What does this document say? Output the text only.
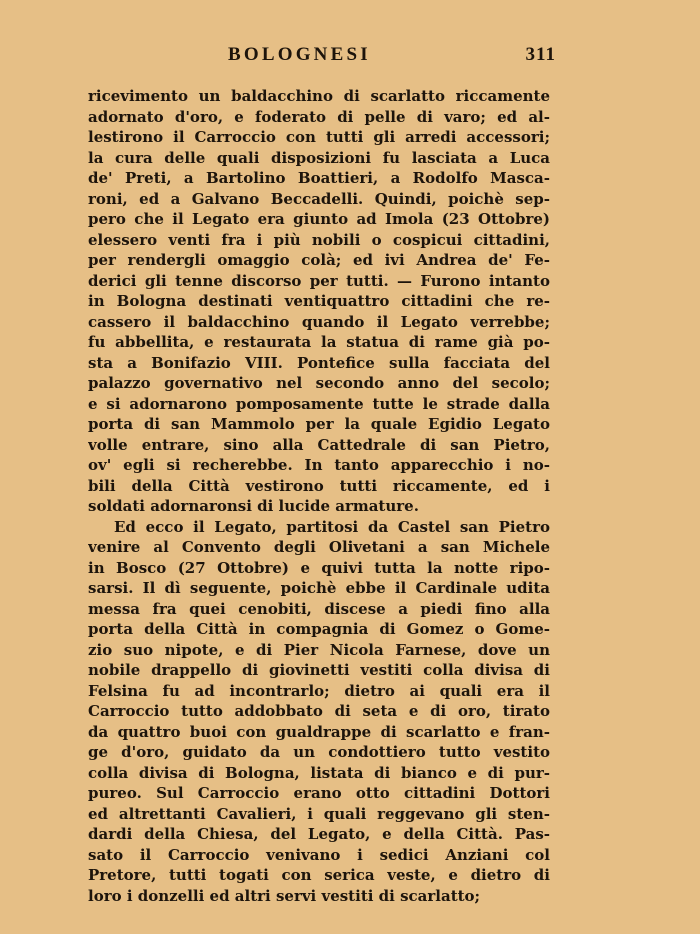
BOLOGNESI	311
ricevimento un baldacchino di scarlatto riccamente
adornato d'oro, e foderato di pelle di varo; ed al-
lestirono il Carroccio con tutti gli arredi accessori;
la cura delle quali disposizioni fu lasciata a Luca
de' Preti, a Bartolino Boattieri, a Rodolfo Masca-
roni, ed a Galvano Beccadelli. Quindi, poichè sep-
pero che il Legato era giunto ad Imola (23 Ottobre)
elessero venti fra i più nobili o cospicui cittadini,
per rendergli omaggio colà; ed ivi Andrea de' Fe-
derici gli tenne discorso per tutti. — Furono intanto
in Bologna destinati ventiquattro cittadini che re-
cassero il baldacchino quando il Legato verrebbe;
fu abbellita, e restaurata la statua di rame già po-
sta a Bonifazio VIII. Pontefice sulla facciata del
palazzo governativo nel secondo anno del secolo;
e si adornarono pomposamente tutte le strade dalla
porta di san Mammolo per la quale Egidio Legato
volle entrare, sino alla Cattedrale di san Pietro,
ov' egli si recherebbe. In tanto apparecchio i no-
bili della Città vestirono tutti riccamente, ed i
soldati adornaronsi di lucide armature.
Ed ecco il Legato, partitosi da Castel san Pietro
venire al Convento degli Olivetani a san Michele
in Bosco (27 Ottobre) e quivi tutta la notte ripo-
sarsi. Il dì seguente, poichè ebbe il Cardinale udita
messa fra quei cenobiti, discese a piedi fino alla
porta della Città in compagnia di Gomez o Gome-
zio suo nipote, e di Pier Nicola Farnese, dove un
nobile drappello di giovinetti vestiti colla divisa di
Felsina fu ad incontrarlo; dietro ai quali era il
Carroccio tutto addobbato di seta e di oro, tirato
da quattro buoi con gualdrappe di scarlatto e fran-
ge d'oro, guidato da un condottiero tutto vestito
colla divisa di Bologna, listata di bianco e di pur-
pureo. Sul Carroccio erano otto cittadini Dottori
ed altrettanti Cavalieri, i quali reggevano gli sten-
dardi della Chiesa, del Legato, e della Città. Pas-
sato il Carroccio venivano i sedici Anziani col
Pretore, tutti togati con serica veste, e dietro di
loro i donzelli ed altri servi vestiti di scarlatto;
